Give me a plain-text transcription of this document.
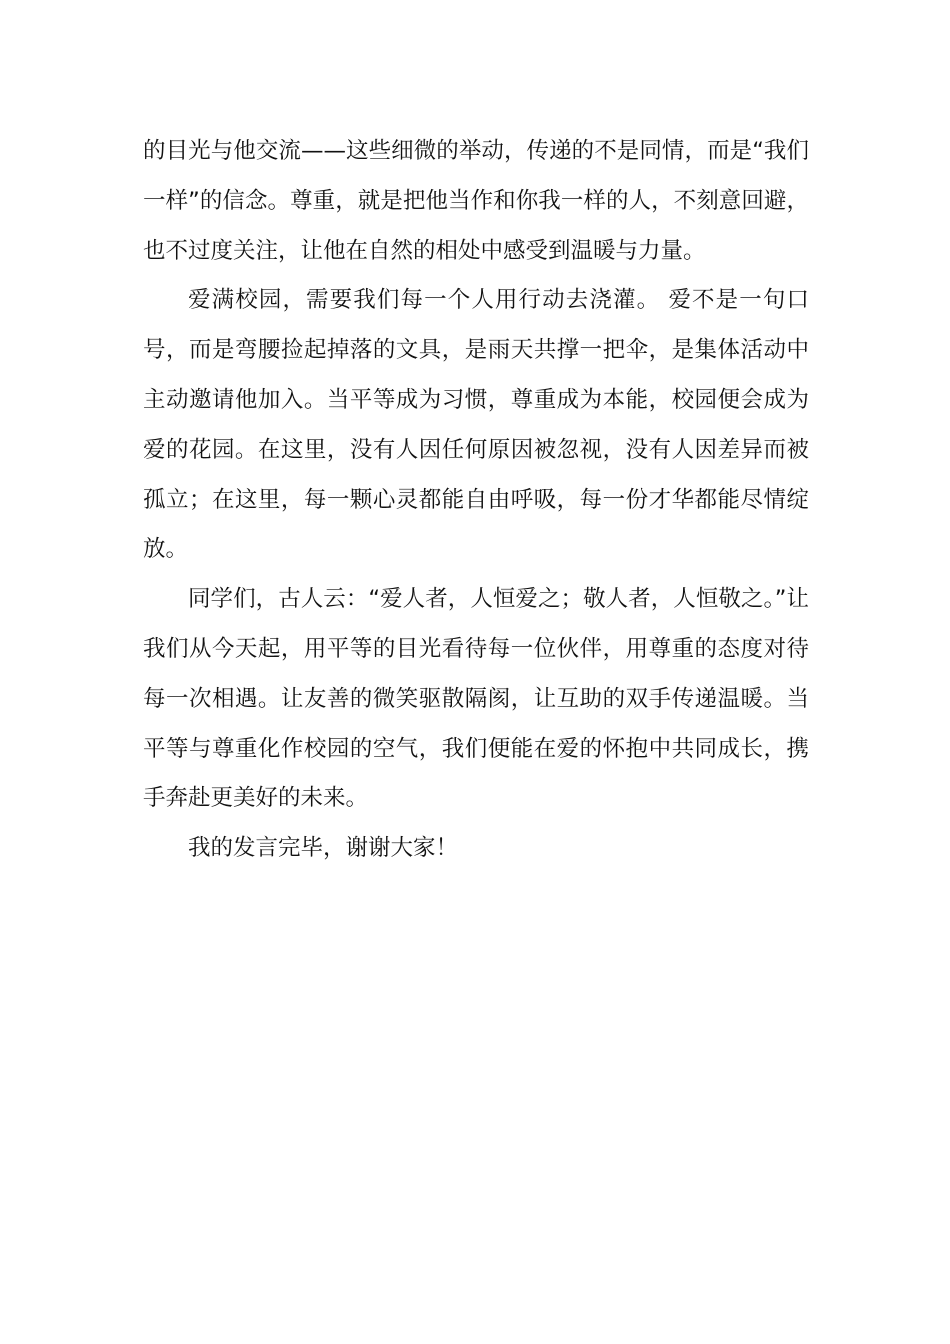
的目光与他交流——这些细微的举动，传递的不是同情，而是“我们一样”的信念。尊重，就是把他当作和你我一样的人，不刻意回避，也不过度关注，让他在自然的相处中感受到温暖与力量。

爱满校园，需要我们每一个人用行动去浇灌。 爱不是一句口号，而是弯腰捡起掉落的文具，是雨天共撑一把伞，是集体活动中主动邀请他加入。当平等成为习惯，尊重成为本能，校园便会成为爱的花园。在这里，没有人因任何原因被忽视，没有人因差异而被孤立；在这里，每一颗心灵都能自由呼吸，每一份才华都能尽情绽放。

同学们，古人云：“爱人者，人恒爱之；敬人者，人恒敬之。”让我们从今天起，用平等的目光看待每一位伙伴，用尊重的态度对待每一次相遇。让友善的微笑驱散隔阂，让互助的双手传递温暖。当平等与尊重化作校园的空气，我们便能在爱的怀抱中共同成长，携手奔赴更美好的未来。

我的发言完毕，谢谢大家！
